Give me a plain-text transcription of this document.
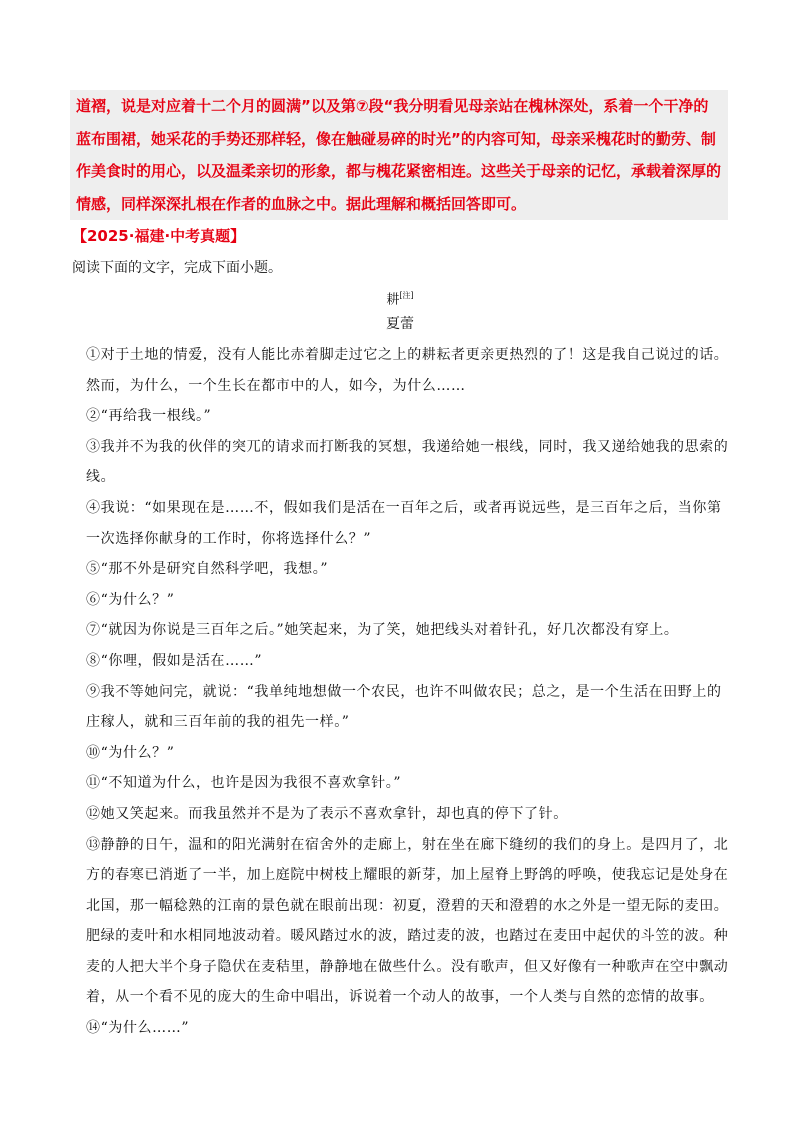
道褶，说是对应着十二个月的圆满”以及第⑦段“我分明看见母亲站在槐林深处，系着一个干净的蓝布围裙，她采花的手势还那样轻，像在触碰易碎的时光”的内容可知，母亲采槐花时的勤劳、制作美食时的用心，以及温柔亲切的形象，都与槐花紧密相连。这些关于母亲的记忆，承载着深厚的情感，同样深深扎根在作者的血脉之中。据此理解和概括回答即可。

【2025·福建·中考真题】
阅读下面的文字，完成下面小题。
耕[注]
夏蕾

①对于土地的情爱，没有人能比赤着脚走过它之上的耕耘者更亲更热烈的了！这是我自己说过的话。然而，为什么，一个生长在都市中的人，如今，为什么……

②“再给我一根线。”

③我并不为我的伙伴的突兀的请求而打断我的冥想，我递给她一根线，同时，我又递给她我的思索的线。

④我说：“如果现在是……不，假如我们是活在一百年之后，或者再说远些，是三百年之后，当你第一次选择你献身的工作时，你将选择什么？”

⑤“那不外是研究自然科学吧，我想。”

⑥“为什么？”

⑦“就因为你说是三百年之后。”她笑起来，为了笑，她把线头对着针孔，好几次都没有穿上。

⑧“你哩，假如是活在……”

⑨我不等她问完，就说：“我单纯地想做一个农民，也许不叫做农民；总之，是一个生活在田野上的庄稼人，就和三百年前的我的祖先一样。”

⑩“为什么？”

⑪“不知道为什么，也许是因为我很不喜欢拿针。”

⑫她又笑起来。而我虽然并不是为了表示不喜欢拿针，却也真的停下了针。

⑬静静的日午，温和的阳光满射在宿舍外的走廊上，射在坐在廊下缝纫的我们的身上。是四月了，北方的春寒已消逝了一半，加上庭院中树枝上耀眼的新芽，加上屋脊上野鸽的呼唤，使我忘记是处身在北国，那一幅稔熟的江南的景色就在眼前出现：初夏，澄碧的天和澄碧的水之外是一望无际的麦田。肥绿的麦叶和水相同地波动着。暖风踏过水的波，踏过麦的波，也踏过在麦田中起伏的斗笠的波。种麦的人把大半个身子隐伏在麦秸里，静静地在做些什么。没有歌声，但又好像有一种歌声在空中飘动着，从一个看不见的庞大的生命中唱出，诉说着一个动人的故事，一个人类与自然的恋情的故事。

⑭“为什么……”
